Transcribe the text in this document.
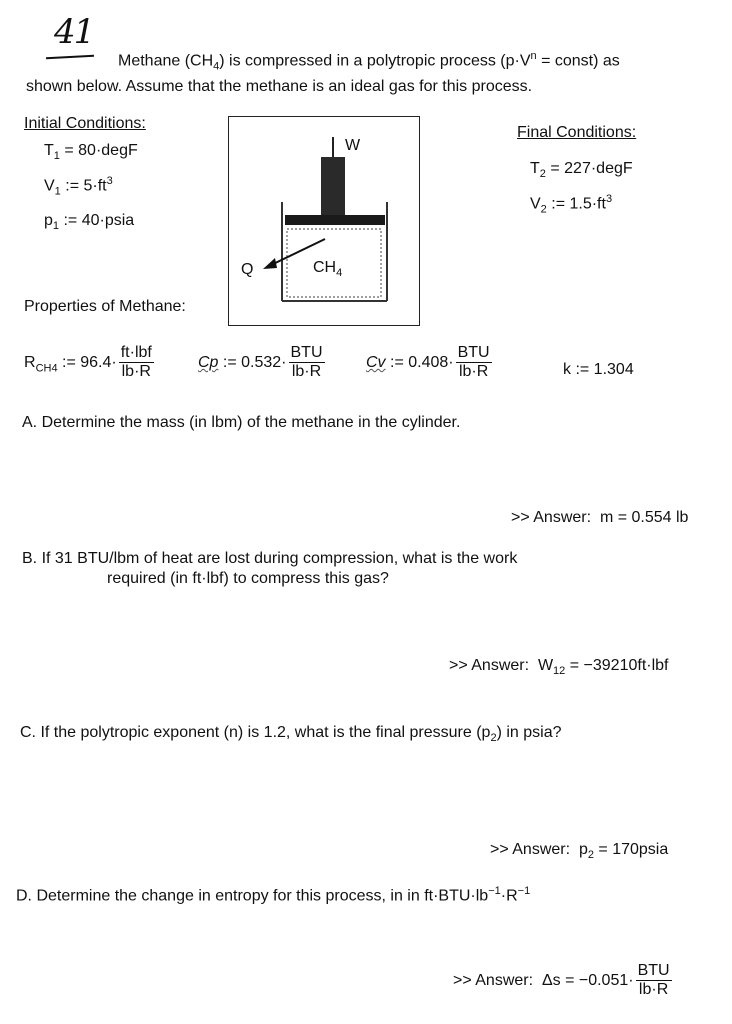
41
Methane $(CH_4)$ is compressed in a polytropic process ($p\cdot V^n$ = const) as
shown below. Assume that the methane is an ideal gas for this process.
Initial Conditions:
$T_1$ = 80·degF
$V_1$ := $5\cdot ft^3$
$p_1$ := 40·psia
Final Conditions:
$T_2$ = 227·degF
$V_2$ := $1.5\cdot ft^3$
W
Q	$CH_4$
Properties of Methane:
$R_{CH4}$ := $96.4\cdot \frac{\text{ft·lbf}}{lb\cdot R}$	Cp := $0.532\cdot \frac{\text{BTU}}{lb\cdot R}$	Cv := $0.408\cdot \frac{\text{BTU}}{lb\cdot R}$	k := 1.304
A. Determine the mass (in lbm) of the methane in the cylinder.
>> Answer: m = 0.554 lb
B. If 31 BTU/lbm of heat are lost during compression, what is the work
required (in ft·lbf) to compress this gas?
>> Answer: $W_{12} = -39210ft\cdot lbf$
C. If the polytropic exponent (n) is 1.2, what is the final pressure $(p_2)$ in psia?
>> Answer: $p_2$ = 170psia
D. Determine the change in entropy for this process, in in $ft\cdot BTU\cdot lb^{-1}\cdot R^{-1}$
>> Answer: $\Delta s = -0.051\cdot \frac{\text{BTU}}{lb\cdot R}$
